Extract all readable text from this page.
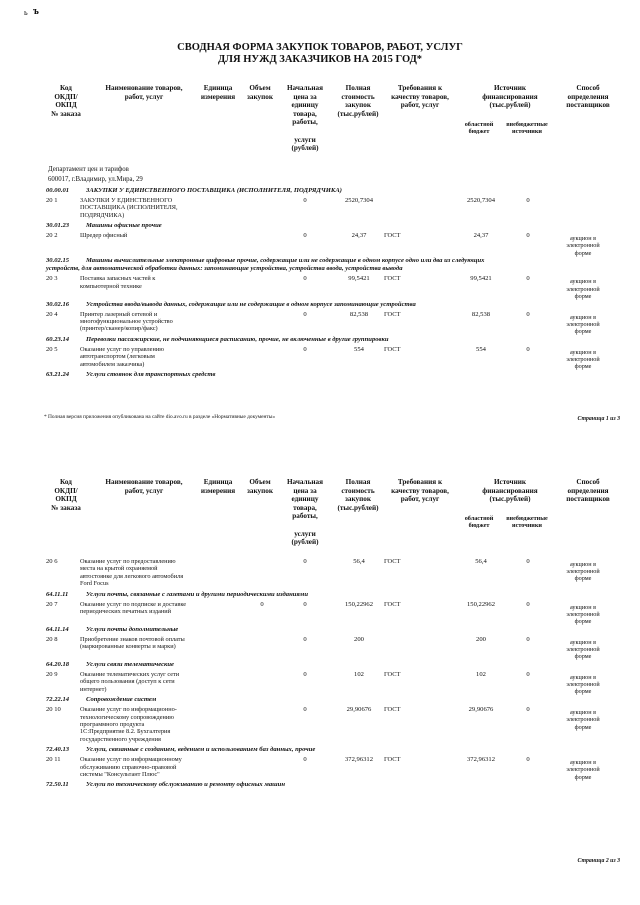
ь ъ
СВОДНАЯ ФОРМА ЗАКУПОК ТОВАРОВ, РАБОТ, УСЛУГ
ДЛЯ НУЖД ЗАКАЗЧИКОВ НА 2015 ГОД*
Код
ОКДП/
ОКПД
№ заказа
Наименование товаров,
работ, услуг
Единица
измерения
Объем
закупок
Начальная
цена за
единицу
товара,
работы,

услуги
(рублей)
Полная
стоимость
закупок
(тыс.рублей)
Требования к
качеству товаров,
работ, услуг
Источник
финансирования
(тыс.рублей)
областной
бюджет
внебюджетные
источники
Способ
определения
поставщиков
Департамент цен и тарифов
600017, г.Владимир, ул.Мира, 29
00.00.01	ЗАКУПКИ У ЕДИНСТВЕННОГО ПОСТАВЩИКА (ИСПОЛНИТЕЛЯ, ПОДРЯДЧИКА)
20 1	ЗАКУПКИ У ЕДИНСТВЕННОГО
ПОСТАВЩИКА (ИСПОЛНИТЕЛЯ,
ПОДРЯДЧИКА)
0	2520,7304	2520,7304	0
30.01.23	Машины офисные прочие
20 2	Шредер офисный	0	24,37	ГОСТ	24,37	0	аукцион в
электронной
форме
30.02.15	Машины вычислительные электронные цифровые прочие, содержащие или не содержащие в одном корпусе одно или два из следующих
устройств, для автоматической обработки данных: запоминающие устройства, устройства ввода, устройства вывода
20 3	Поставка запасных частей к
компьютерной технике
0	99,5421	ГОСТ	99,5421	0	аукцион в
электронной
форме
30.02.16	Устройства ввода/вывода данных, содержащие или не содержащие в одном корпусе запоминающие устройства
20 4	Принтер лазерный сетевой и
многофункциональное устройство
(принтер/сканер/копир/факс)
0	82,538	ГОСТ	82,538	0	аукцион в
электронной
форме
60.23.14	Перевозки пассажирские, не подчиняющиеся расписанию, прочие, не включенные в другие группировки
20 5	Оказание услуг по управлению
автотранспортом (легковым
автомобилем заказчика)
0	554	ГОСТ	554	0	аукцион в
электронной
форме
63.21.24	Услуги стоянок для транспортных средств
* Полная версия приложения опубликована на сайте dio.avo.ru в разделе «Нормативные документы»	Страница 1 из 3
Код
ОКДП/
ОКПД
№ заказа
Наименование товаров,
работ, услуг
Единица
измерения
Объем
закупок
Начальная
цена за
единицу
товара,
работы,

услуги
(рублей)
Полная
стоимость
закупок
(тыс.рублей)
Требования к
качеству товаров,
работ, услуг
Источник
финансирования
(тыс.рублей)
областной
бюджет
внебюджетные
источники
Способ
определения
поставщиков
20 6	Оказание услуг по предоставлению
места на крытой охраняемой
автостоянке для легкового автомобиля
Ford Focus
0	56,4	ГОСТ	56,4	0	аукцион в
электронной
форме
64.11.11	Услуги почты, связанные с газетами и другими периодическими изданиями
20 7	Оказание услуг по подписке и доставке
периодических печатных изданий
0	0	150,22962	ГОСТ	150,22962	0	аукцион в
электронной
форме
64.11.14	Услуги почты дополнительные
20 8	Приобретение знаков почтовой оплаты
(маркированные конверты и марки)
0	200	200	0	аукцион в
электронной
форме
64.20.18	Услуги связи телематические
20 9	Оказание телематических услуг сети
общего пользования (доступ к сети
интернет)
0	102	ГОСТ	102	0	аукцион в
электронной
форме
72.22.14	Сопровождение систем
20 10	Оказание услуг по информационно-
технологическому сопровождению
программного продукта
1С:Предприятие 8.2. Бухгалтерия
государственного учреждения
0	29,90676	ГОСТ	29,90676	0	аукцион в
электронной
форме
72.40.13	Услуги, связанные с созданием, ведением и использованием баз данных, прочие
20 11	Оказание услуг по информационному
обслуживанию справочно-правовой
системы "Консультант Плюс"
0	372,96312	ГОСТ	372,96312	0	аукцион в
электронной
форме
72.50.11	Услуги по техническому обслуживанию и ремонту офисных машин
Страница 2 из 3
